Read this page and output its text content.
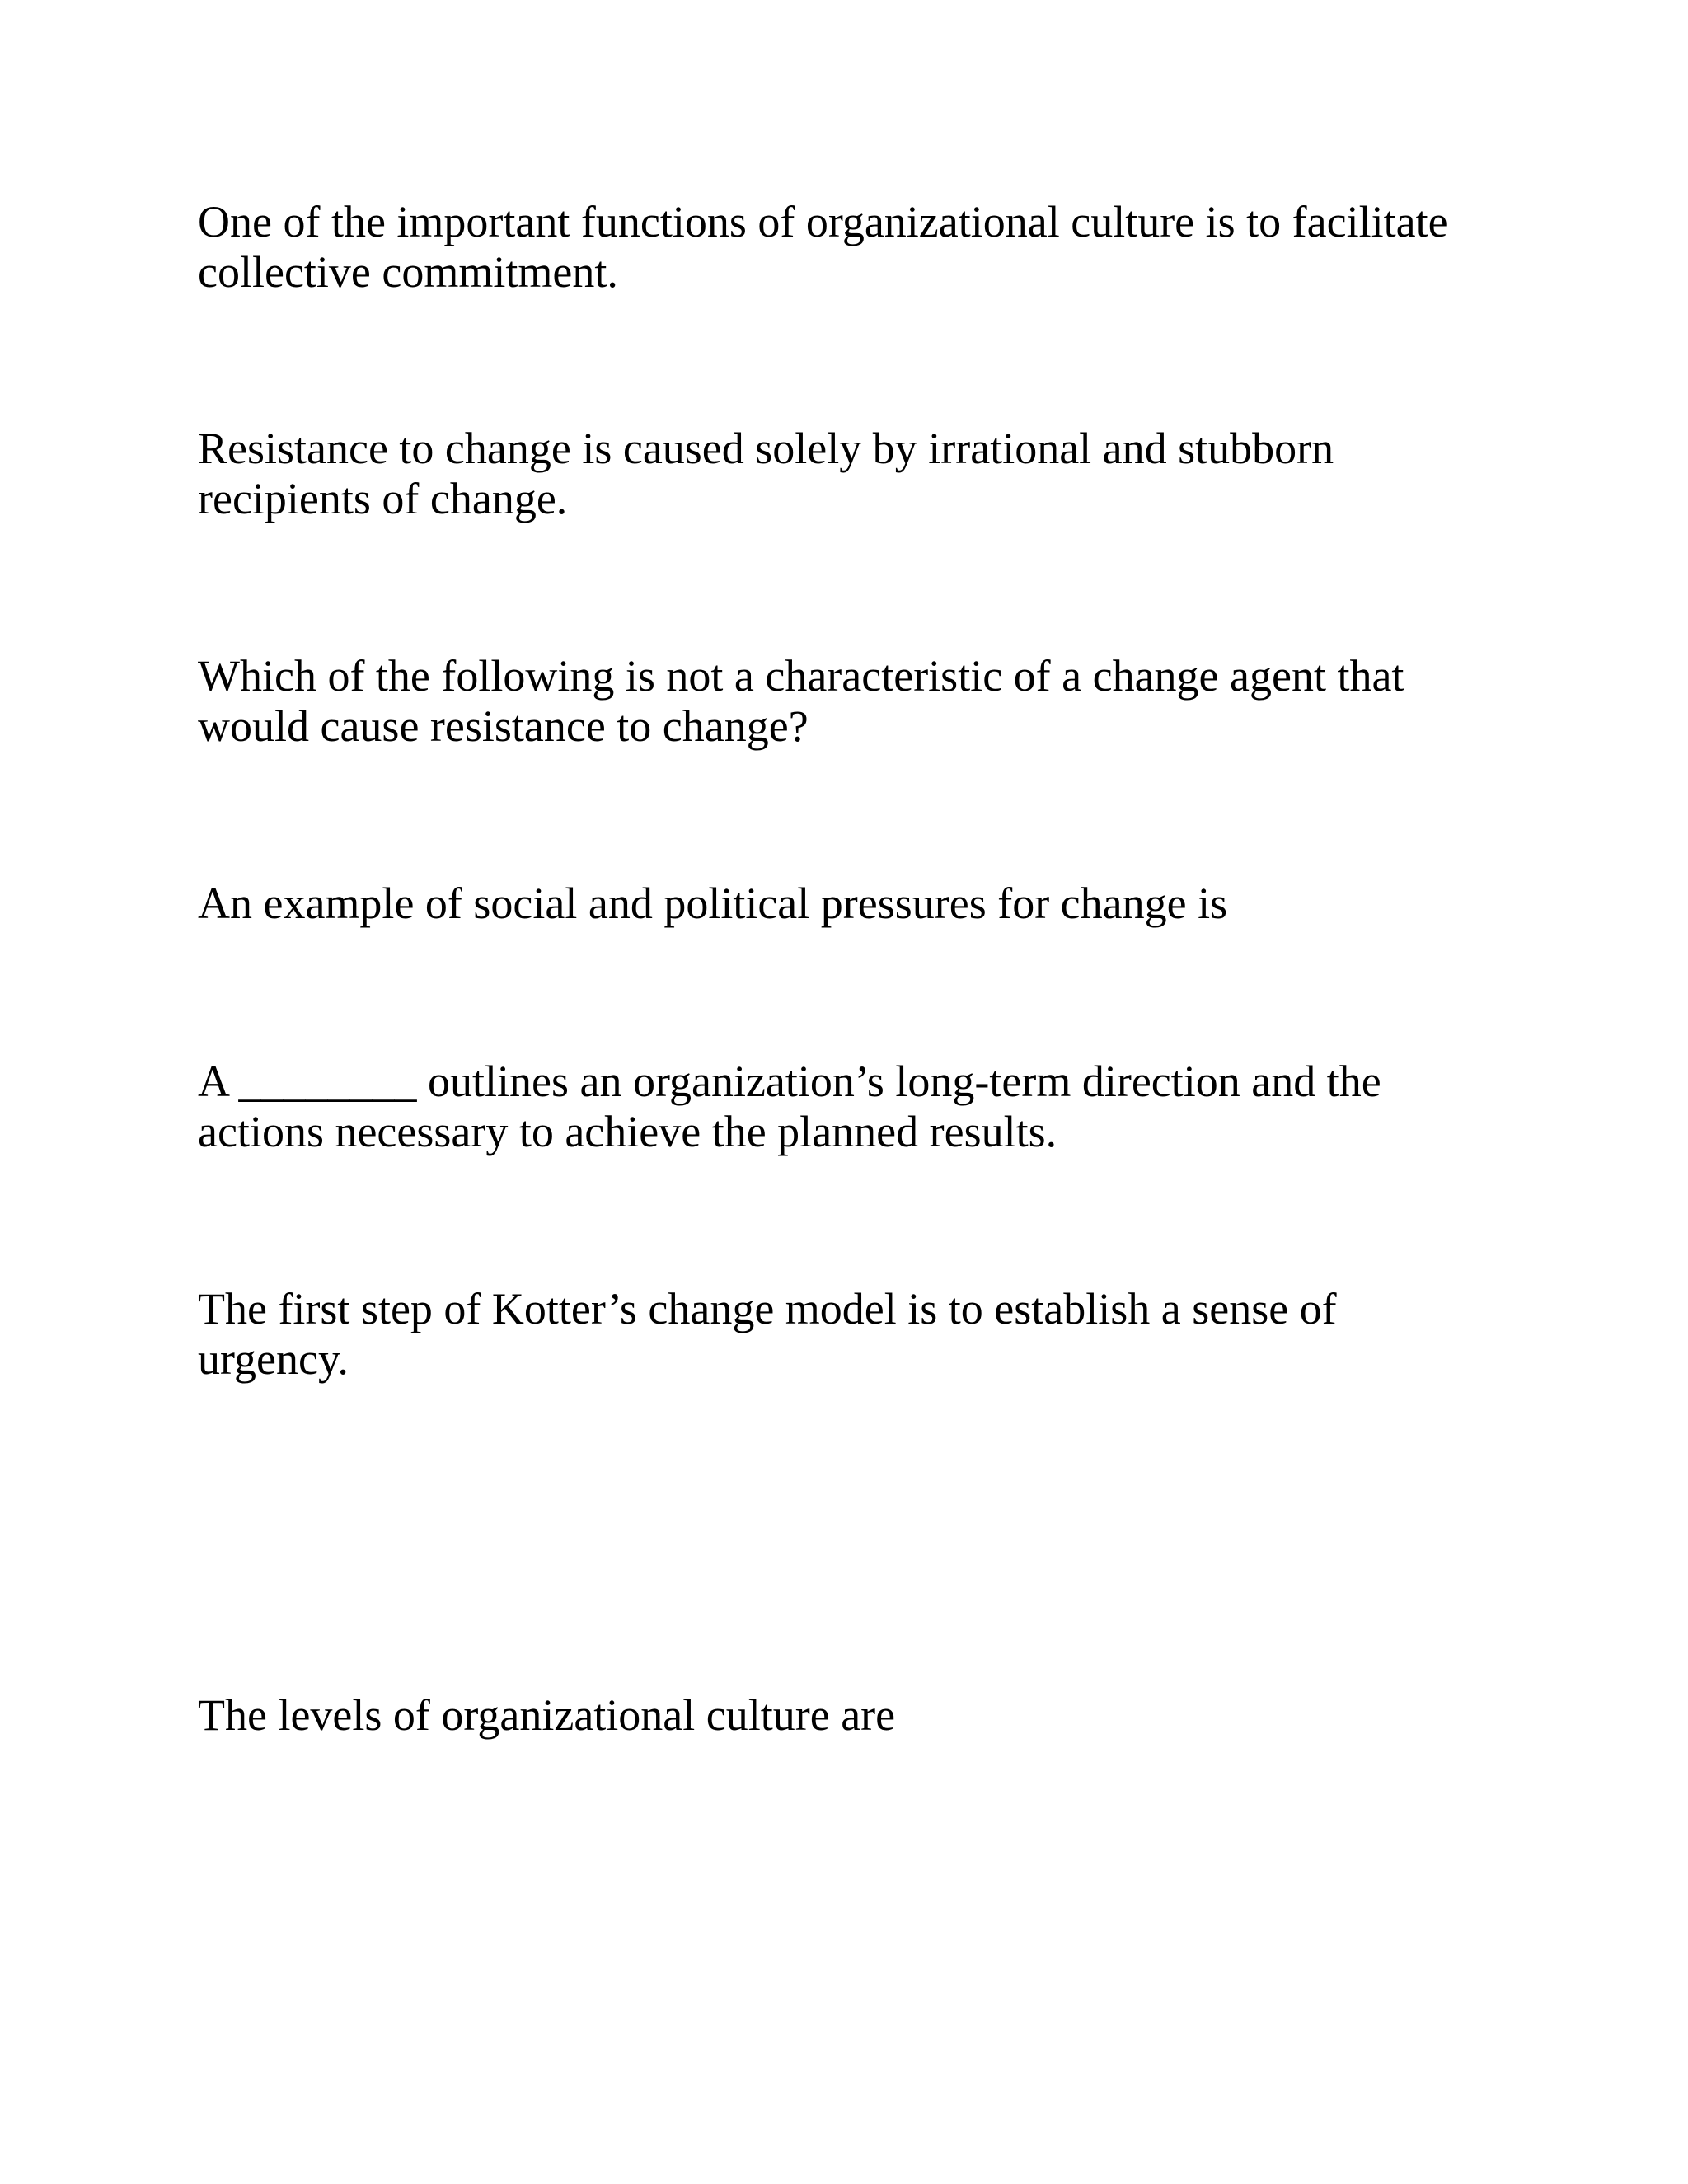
One of the important functions of organizational culture is to facilitate collective commitment.

Resistance to change is caused solely by irrational and stubborn recipients of change.

Which of the following is not a characteristic of a change agent that would cause resistance to change?

An example of social and political pressures for change is

A ________ outlines an organization’s long-term direction and the actions necessary to achieve the planned results.

The first step of Kotter’s change model is to establish a sense of urgency.

The levels of organizational culture are
